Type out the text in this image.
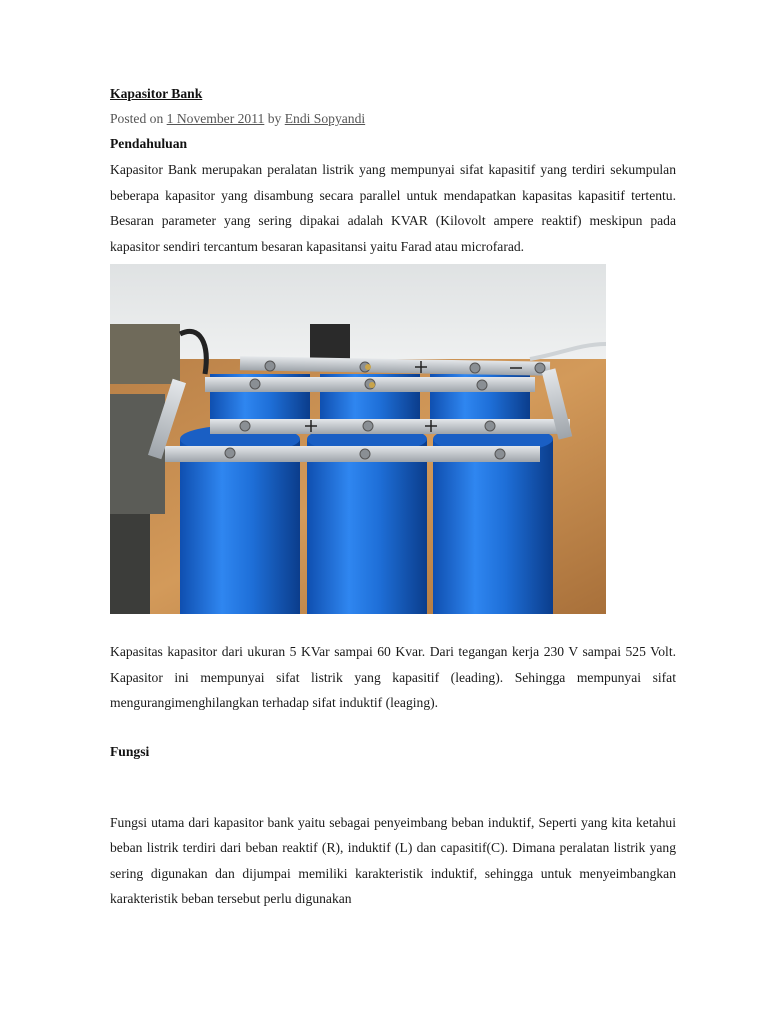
Kapasitor Bank
Posted on 1 November 2011 by Endi Sopyandi
Pendahuluan

Kapasitor Bank merupakan peralatan listrik yang mempunyai sifat kapasitif yang terdiri sekumpulan beberapa kapasitor yang disambung secara parallel untuk mendapatkan kapasitas kapasitif tertentu. Besaran parameter yang sering dipakai adalah KVAR (Kilovolt ampere reaktif) meskipun pada kapasitor sendiri tercantum besaran kapasitansi yaitu Farad atau microfarad.

Kapasitas kapasitor dari ukuran 5 KVar sampai 60 Kvar. Dari tegangan kerja 230 V sampai 525 Volt. Kapasitor ini mempunyai sifat listrik yang kapasitif (leading). Sehingga mempunyai sifat mengurangimenghilangkan terhadap sifat induktif (leaging).

Fungsi

Fungsi utama dari kapasitor bank yaitu sebagai penyeimbang beban induktif, Seperti yang kita ketahui beban listrik terdiri dari beban reaktif (R), induktif (L) dan capasitif(C). Dimana peralatan listrik yang sering digunakan dan dijumpai memiliki karakteristik induktif, sehingga untuk menyeimbangkan karakteristik beban tersebut perlu digunakan
